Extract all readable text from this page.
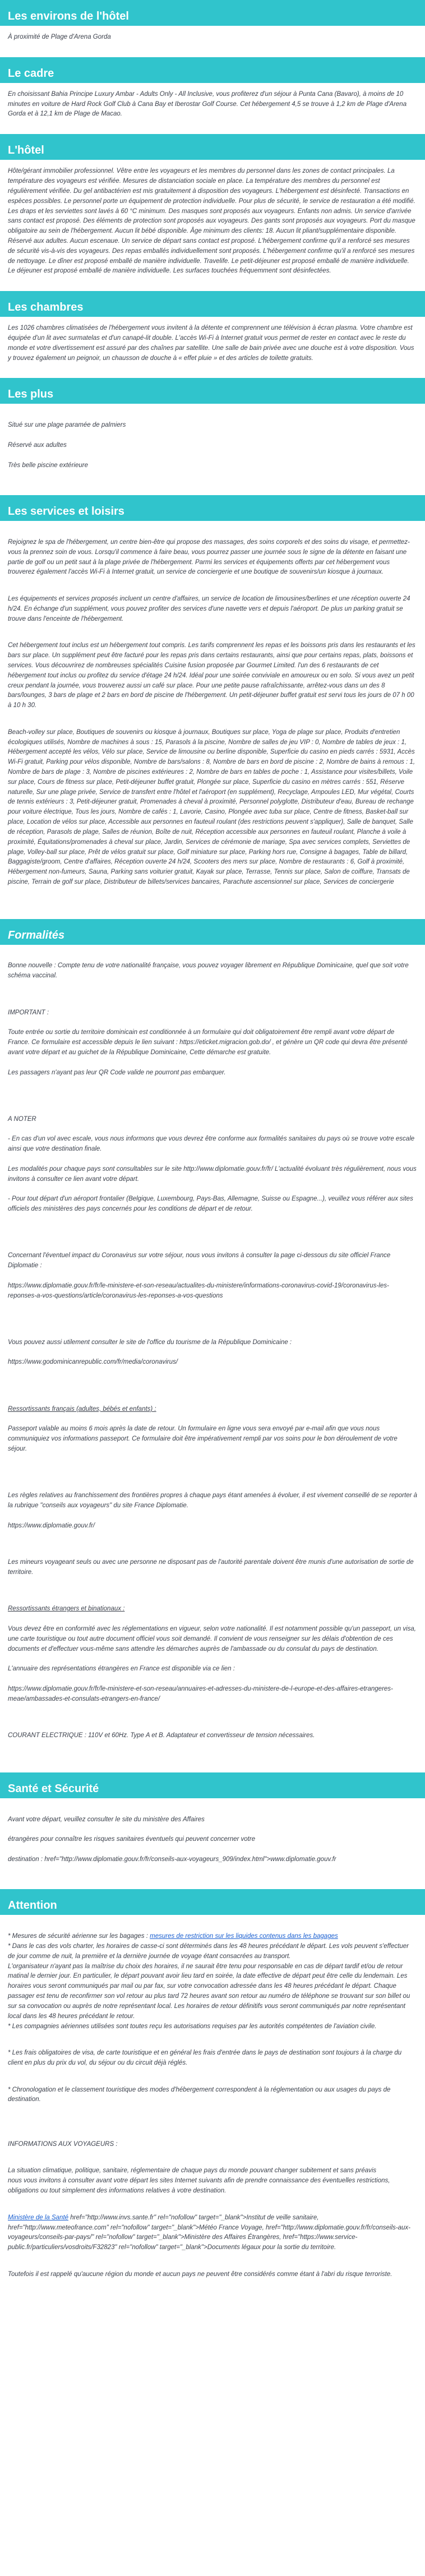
Les environs de l'hôtel
À proximité de Plage d'Arena Gorda
Le cadre
En choisissant Bahia Principe Luxury Ambar - Adults Only - All Inclusive, vous profiterez d'un séjour à Punta Cana (Bavaro), à moins de 10 minutes en voiture de Hard Rock Golf Club à Cana Bay et Iberostar Golf Course. Cet hébergement 4,5 se trouve à 1,2 km de Plage d'Arena Gorda et à 12,1 km de Plage de Macao.
L'hôtel
Hôte/gérant immobilier professionnel. Vêtre entre les voyageurs et les membres du personnel dans les zones de contact principales. La température des voyageurs est vérifiée. Mesures de distanciation sociale en place. La température des membres du personnel est régulièrement vérifiée. Du gel antibactérien est mis gratuitement à disposition des voyageurs. L'hébergement est désinfecté. Transactions en espèces possibles. Le personnel porte un équipement de protection individuelle. Pour plus de sécurité, le service de restauration a été modifié. Les draps et les serviettes sont lavés à 60 °C minimum. Des masques sont proposés aux voyageurs. Enfants non admis. Un service d'arrivée sans contact est proposé. Des éléments de protection sont proposés aux voyageurs. Des gants sont proposés aux voyageurs. Port du masque obligatoire au sein de l'hébergement. Aucun lit bébé disponible. Âge minimum des clients: 18. Aucun lit pliant/supplémentaire disponible. Réservé aux adultes. Aucun escenaue. Un service de départ sans contact est proposé. L'hébergement confirme qu'il a renforcé ses mesures de sécurité vis-à-vis des voyageurs. Des repas emballés individuellement sont proposés. L'hébergement confirme qu'il a renforcé ses mesures de nettoyage. Le dîner est proposé emballé de manière individuelle. Travelife. Le petit-déjeuner est proposé emballé de manière individuelle. Le déjeuner est proposé emballé de manière individuelle. Les surfaces touchées fréquemment sont désinfectées.
Les chambres
Les 1026 chambres climatisées de l'hébergement vous invitent à la détente et comprennent une télévision à écran plasma. Votre chambre est équipée d'un lit avec surmatelas et d'un canapé-lit double. L'accès Wi-Fi à Internet gratuit vous permet de rester en contact avec le reste du monde et votre divertissement est assuré par des chaînes par satellite. Une salle de bain privée avec une douche est à votre disposition. Vous y trouvez également un peignoir, un chausson de douche à « effet pluie » et des articles de toilette gratuits.
Les plus

Situé sur une plage paramée de palmiers

Réservé aux adultes

Très belle piscine extérieure

Les services et loisirs

Rejoignez le spa de l'hébergement, un centre bien-être qui propose des massages, des soins corporels et des soins du visage, et permettez-vous la prennez soin de vous. Lorsqu'il commence à faire beau, vous pourrez passer une journée sous le signe de la détente en faisant une partie de golf ou un petit saut à la plage privée de l'hébergement. Parmi les services et équipements offerts par cet hébergement vous trouverez également l'accès Wi-Fi à Internet gratuit, un service de conciergerie et une boutique de souvenirs/un kiosque à journaux.

Les équipements et services proposés incluent un centre d'affaires, un service de location de limousines/berlines et une réception ouverte 24 h/24. En échange d'un supplément, vous pouvez profiter des services d'une navette vers et depuis l'aéroport. De plus un parking gratuit se trouve dans l'enceinte de l'hébergement.

Cet hébergement tout inclus est un hébergement tout compris. Les tarifs comprennent les repas et les boissons pris dans les restaurants et les bars sur place. Un supplément peut être facturé pour les repas pris dans certains restaurants, ainsi que pour certains repas, plats, boissons et services. Vous découvrirez de nombreuses spécialités Cuisine fusion proposée par Gourmet Limited. l'un des 6 restaurants de cet hébergement tout inclus ou profitez du service d'étage 24 h/24. Idéal pour une soirée conviviale en amoureux ou en solo. Si vous avez un petit creux pendant la journée, vous trouverez aussi un café sur place. Pour une petite pause rafraîchissante, arrêtez-vous dans un des 8 bars/lounges, 3 bars de plage et 2 bars en bord de piscine de l'hébergement. Un petit-déjeuner buffet gratuit est servi tous les jours de 07 h 00 à 10 h 30.

Beach-volley sur place, Boutiques de souvenirs ou kiosque à journaux, Boutiques sur place, Yoga de plage sur place, Produits d'entretien écologiques utilisés, Nombre de machines à sous : 15, Parasols à la piscine, Nombre de salles de jeu VIP : 0, Nombre de tables de jeux : 1, Hébergement accepté les vélos, Vélo sur place, Service de limousine ou berline disponible, Superficie du casino en pieds carrés : 5931, Accès Wi-Fi gratuit, Parking pour vélos disponible, Nombre de bars/salons : 8, Nombre de bars en bord de piscine : 2, Nombre de bains à remous : 1, Nombre de bars de plage : 3, Nombre de piscines extérieures : 2, Nombre de bars en tables de poche : 1, Assistance pour visites/billets, Voile sur place, Cours de fitness sur place, Petit-déjeuner buffet gratuit, Plongée sur place, Superficie du casino en mètres carrés : 551, Réserve naturelle, Sur une plage privée, Service de transfert entre l'hôtel et l'aéroport (en supplément), Recyclage, Ampoules LED, Mur végétal, Courts de tennis extérieurs : 3, Petit-déjeuner gratuit, Promenades à cheval à proximité, Personnel polyglotte, Distributeur d'eau, Bureau de rechange pour voiture électrique, Tous les jours, Nombre de cafés : 1, Lavorie, Casino, Plongée avec tuba sur place, Centre de fitness, Basket-ball sur place, Location de vélos sur place, Accessible aux personnes en fauteuil roulant (des restrictions peuvent s'appliquer), Salle de banquet, Salle de réception, Parasols de plage, Salles de réunion, Boîte de nuit, Réception accessible aux personnes en fauteuil roulant, Planche à voile à proximité, Équitations/promenades à cheval sur place, Jardin, Services de cérémonie de mariage, Spa avec services complets, Serviettes de plage, Volley-ball sur place, Prêt de vélos gratuit sur place, Golf miniature sur place, Parking hors rue, Consigne à bagages, Table de billard, Baggagiste/groom, Centre d'affaires, Réception ouverte 24 h/24, Scooters des mers sur place, Nombre de restaurants : 6, Golf à proximité, Hébergement non-fumeurs, Sauna, Parking sans voiturier gratuit, Kayak sur place, Terrasse, Tennis sur place, Salon de coiffure, Transats de piscine, Terrain de golf sur place, Distributeur de billets/services bancaires, Parachute ascensionnel sur place, Services de conciergerie

Formalités

Bonne nouvelle : Compte tenu de votre nationalité française, vous pouvez voyager librement en République Dominicaine, quel que soit votre schéma vaccinal.

IMPORTANT :

Toute entrée ou sortie du territoire dominicain est conditionnée à un formulaire qui doit obligatoirement être rempli avant votre départ de France. Ce formulaire est accessible depuis le lien suivant : https://eticket.migracion.gob.do/ , et génère un QR code qui devra être présenté avant votre départ et au guichet de la République Dominicaine, Cette démarche est gratuite.

Les passagers n'ayant pas leur QR Code valide ne pourront pas embarquer.

A NOTER

- En cas d'un vol avec escale, vous nous informons que vous devrez être conforme aux formalités sanitaires du pays où se trouve votre escale ainsi que votre destination finale.

Les modalités pour chaque pays sont consultables sur le site http://www.diplomatie.gouv.fr/fr/ L'actualité évoluant très régulièrement, nous vous invitons à consulter ce lien avant votre départ.

- Pour tout départ d'un aéroport frontalier (Belgique, Luxembourg, Pays-Bas, Allemagne, Suisse ou Espagne...), veuillez vous référer aux sites officiels des ministères des pays concernés pour les conditions de départ et de retour.

Concernant l'éventuel impact du Coronavirus sur votre séjour, nous vous invitons à consulter la page ci-dessous du site officiel France Diplomatie :

https://www.diplomatie.gouv.fr/fr/le-ministere-et-son-reseau/actualites-du-ministere/informations-coronavirus-covid-19/coronavirus-les-reponses-a-vos-questions/article/coronavirus-les-reponses-a-vos-questions

Vous pouvez aussi utilement consulter le site de l'office du tourisme de la République Dominicaine :

https://www.godominicanrepublic.com/fr/media/coronavirus/

Ressortissants français (adultes, bébés et enfants) :

Passeport valable au moins 6 mois après la date de retour. Un formulaire en ligne vous sera envoyé par e-mail afin que vous nous communiquiez vos informations passeport. Ce formulaire doit être impérativement rempli par vos soins pour le bon déroulement de votre séjour.

Les règles relatives au franchissement des frontières propres à chaque pays étant amenées à évoluer, il est vivement conseillé de se reporter à la rubrique "conseils aux voyageurs" du site France Diplomatie.

https://www.diplomatie.gouv.fr/

Les mineurs voyageant seuls ou avec une personne ne disposant pas de l'autorité parentale doivent être munis d'une autorisation de sortie de territoire.

Ressortissants étrangers et binationaux :

Vous devez être en conformité avec les réglementations en vigueur, selon votre nationalité. Il est notamment possible qu'un passeport, un visa, une carte touristique ou tout autre document officiel vous soit demandé. Il convient de vous renseigner sur les délais d'obtention de ces documents et d'effectuer vous-même sans attendre les démarches auprès de l'ambassade ou du consulat du pays de destination.

L'annuaire des représentations étrangères en France est disponible via ce lien :

https://www.diplomatie.gouv.fr/fr/le-ministere-et-son-reseau/annuaires-et-adresses-du-ministere-de-l-europe-et-des-affaires-etrangeres-meae/ambassades-et-consulats-etrangers-en-france/

COURANT ELECTRIQUE : 110V et 60Hz. Type A et B. Adaptateur et convertisseur de tension nécessaires.

Santé et Sécurité

Avant votre départ, veuillez consulter le site du ministère des Affaires

étrangères pour connaître les risques sanitaires éventuels qui peuvent concerner votre

destination : href="http://www.diplomatie.gouv.fr/fr/conseils-aux-voyageurs_909/index.html">www.diplomatie.gouv.fr

Attention

* Mesures de sécurité aérienne sur les bagages : mesures de restriction sur les liquides contenus dans les bagages
* Dans le cas des vols charter, les horaires de casse-ci sont déterminés dans les 48 heures précédant le départ. Les vols peuvent s'effectuer de jour comme de nuit, la première et la dernière journée de voyage étant consacrées au transport.
L'organisateur n'ayant pas la maîtrise du choix des horaires, il ne saurait être tenu pour responsable en cas de départ tardif et/ou de retour matinal le dernier jour. En particulier, le départ pouvant avoir lieu tard en soirée, la date effective de départ peut être celle du lendemain. Les horaires vous seront communiqués par mail ou par fax, sur votre convocation adressée dans les 48 heures précédant le départ. Chaque passager est tenu de reconfirmer son vol retour au plus tard 72 heures avant son retour au numéro de téléphone se trouvant sur son billet ou sur sa convocation ou auprès de notre représentant local. Les horaires de retour définitifs vous seront communiqués par notre représentant local dans les 48 heures précédant le retour.
* Les compagnies aériennes utilisées sont toutes reçu les autorisations requises par les autorités compétentes de l'aviation civile.

* Les frais obligatoires de visa, de carte touristique et en général les frais d'entrée dans le pays de destination sont toujours à la charge du client en plus du prix du vol, du séjour ou du circuit déjà réglés.

* Chronologation et le classement touristique des modes d'hébergement correspondent à la réglementation ou aux usages du pays de destination.

INFORMATIONS AUX VOYAGEURS :

La situation climatique, politique, sanitaire, réglementaire de chaque pays du monde pouvant changer subitement et sans préavis
nous vous invitons à consulter avant votre départ les sites Internet suivants afin de prendre connaissance des éventuelles restrictions, obligations ou tout simplement des informations relatives à votre destination.

Ministère de la Santé href="http://www.invs.sante.fr" rel="nofollow" target="_blank">Institut de veille sanitaire, href="http://www.meteofrance.com" rel="nofollow" target="_blank">Météo France Voyage, href="http://www.diplomatie.gouv.fr/fr/conseils-aux-voyageurs/conseils-par-pays/" rel="nofollow" target="_blank">Ministère des Affaires Étrangères, href="https://www.service-public.fr/particuliers/vosdroits/F32823" rel="nofollow" target="_blank">Documents légaux pour la sortie du territoire.

Toutefois il est rappelé qu'aucune région du monde et aucun pays ne peuvent être considérés comme étant à l'abri du risque terroriste.
